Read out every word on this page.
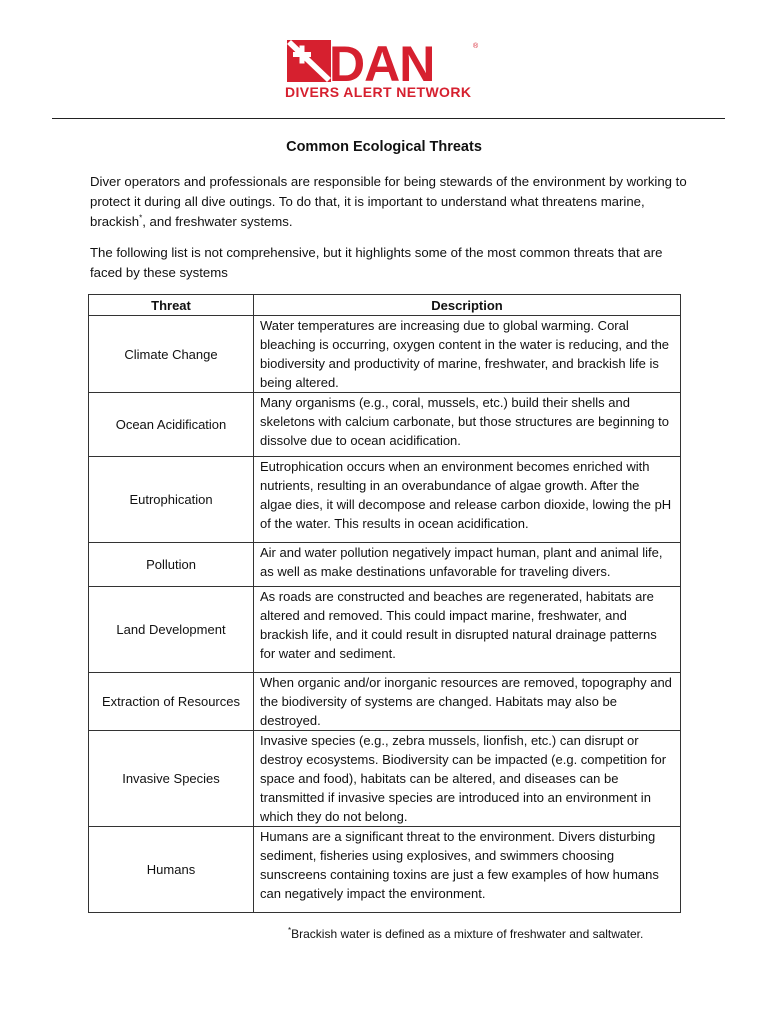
DAN	®
DIVERS ALERT NETWORK
Common Ecological Threats
Diver operators and professionals are responsible for being stewards of the environment by working to protect it during all dive outings. To do that, it is important to understand what threatens marine, brackish*, and freshwater systems.
The following list is not comprehensive, but it highlights some of the most common threats that are faced by these systems
Threat	Description
Climate Change	Water temperatures are increasing due to global warming. Coral bleaching is occurring, oxygen content in the water is reducing, and the biodiversity and productivity of marine, freshwater, and brackish life is being altered.
Ocean Acidification	Many organisms (e.g., coral, mussels, etc.) build their shells and skeletons with calcium carbonate, but those structures are beginning to dissolve due to ocean acidification.
Eutrophication	Eutrophication occurs when an environment becomes enriched with nutrients, resulting in an overabundance of algae growth. After the algae dies, it will decompose and release carbon dioxide, lowing the pH of the water. This results in ocean acidification.
Pollution	Air and water pollution negatively impact human, plant and animal life, as well as make destinations unfavorable for traveling divers.
Land Development	As roads are constructed and beaches are regenerated, habitats are altered and removed. This could impact marine, freshwater, and brackish life, and it could result in disrupted natural drainage patterns for water and sediment.
Extraction of Resources	When organic and/or inorganic resources are removed, topography and the biodiversity of systems are changed. Habitats may also be destroyed.
Invasive Species	Invasive species (e.g., zebra mussels, lionfish, etc.) can disrupt or destroy ecosystems. Biodiversity can be impacted (e.g. competition for space and food), habitats can be altered, and diseases can be transmitted if invasive species are introduced into an environment in which they do not belong.
Humans	Humans are a significant threat to the environment. Divers disturbing sediment, fisheries using explosives, and swimmers choosing sunscreens containing toxins are just a few examples of how humans can negatively impact the environment.
*Brackish water is defined as a mixture of freshwater and saltwater.
